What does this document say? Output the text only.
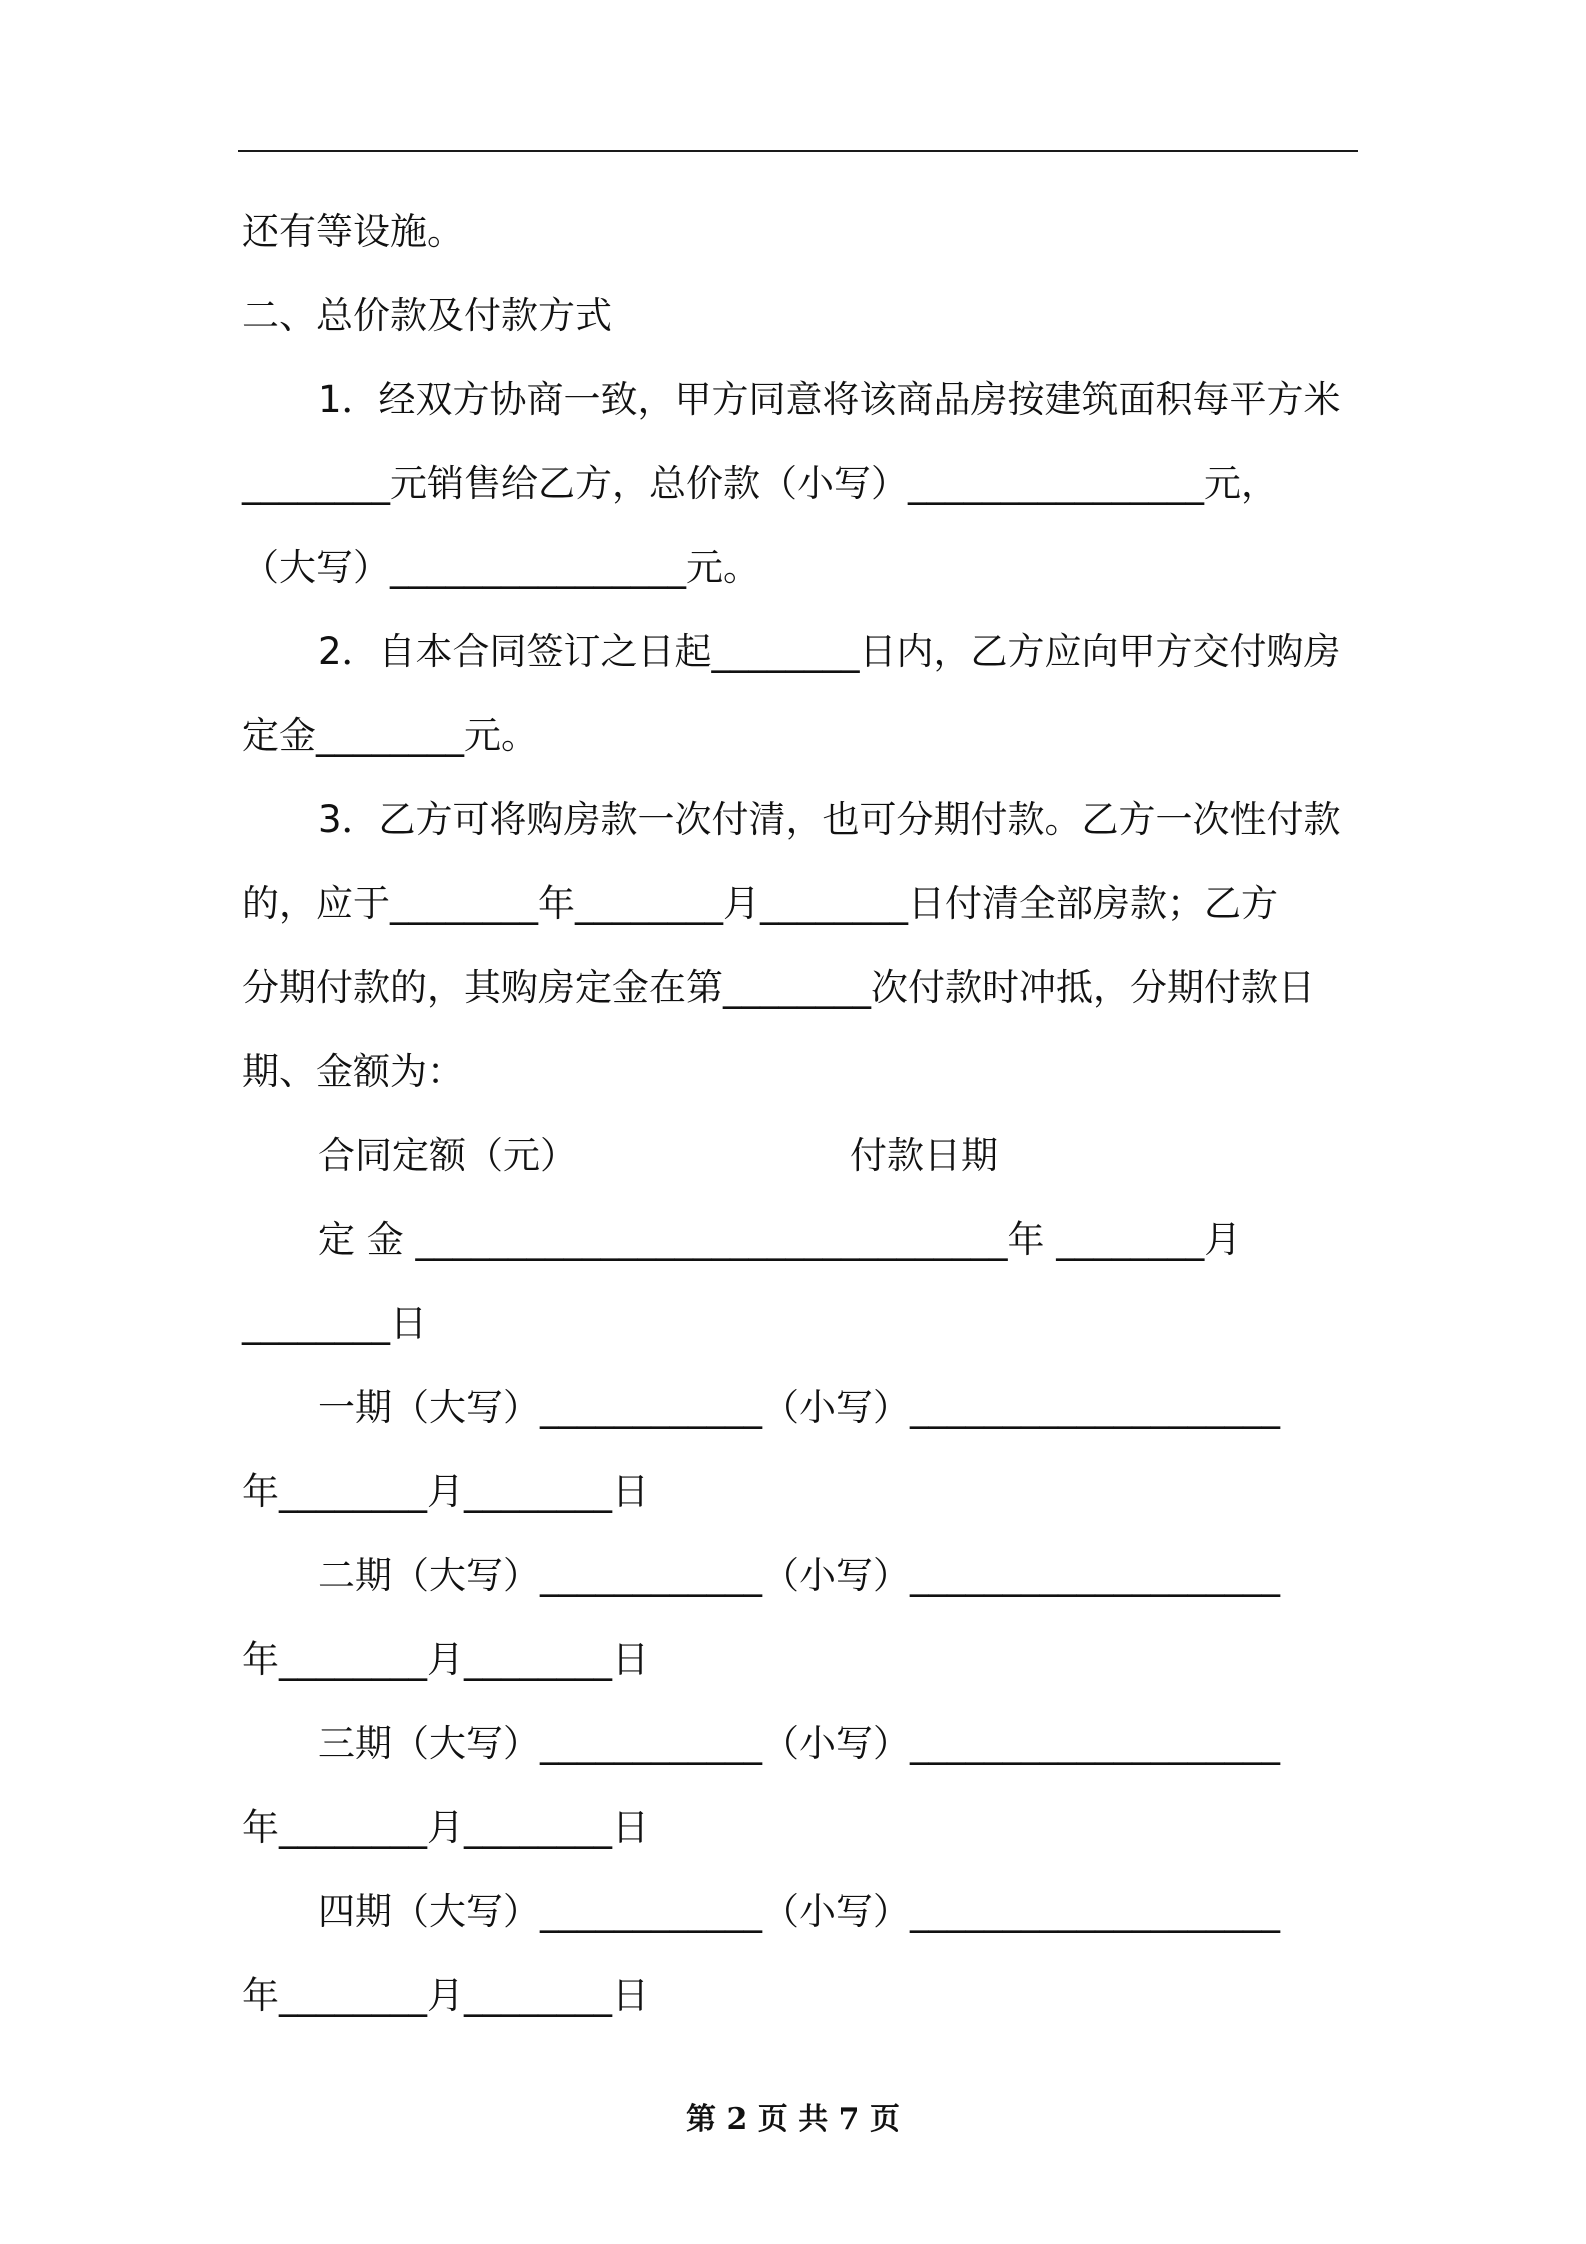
还有等设施。
二、总价款及付款方式
1．经双方协商一致，甲方同意将该商品房按建筑面积每平方米
________元销售给乙方，总价款（小写）________________元，
（大写）________________元。
2．自本合同签订之日起________日内，乙方应向甲方交付购房
定金________元。
3．乙方可将购房款一次付清，也可分期付款。乙方一次性付款
的，应于________年________月________日付清全部房款；乙方
分期付款的，其购房定金在第________次付款时冲抵，分期付款日
期、金额为：
合同定额（元）	付款日期
定 金 ________________________________年 ________月
________日
一期（大写）____________（小写）____________________
年________月________日
二期（大写）____________（小写）____________________
年________月________日
三期（大写）____________（小写）____________________
年________月________日
四期（大写）____________（小写）____________________
年________月________日
第 2 页 共 7 页
